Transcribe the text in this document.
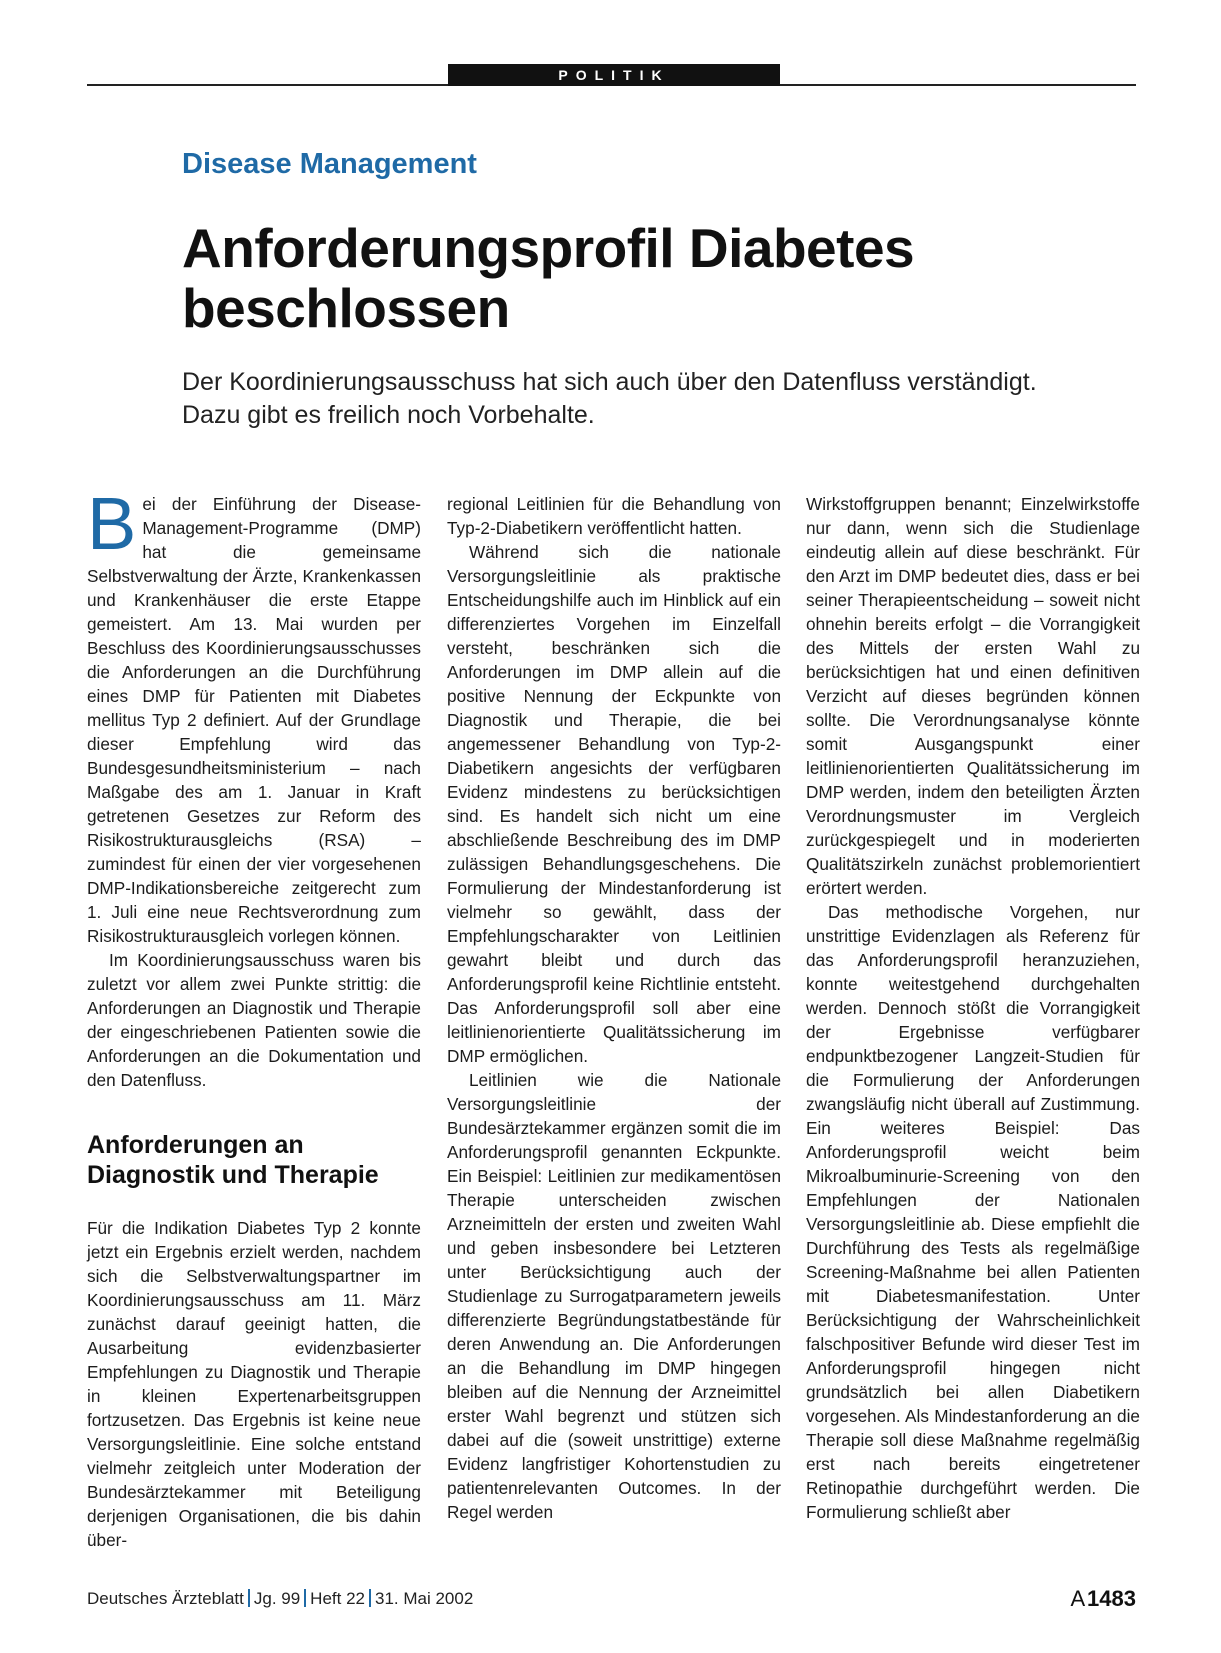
POLITIK
Disease Management
Anforderungsprofil Diabetes
beschlossen

Der Koordinierungsausschuss hat sich auch über den Datenfluss verständigt.
Dazu gibt es freilich noch Vorbehalte.

Bei der Einführung der Disease-Management-Programme (DMP) hat die gemeinsame Selbstverwaltung der Ärzte, Krankenkassen und Krankenhäuser die erste Etappe gemeistert. Am 13. Mai wurden per Beschluss des Koordinierungsausschusses die Anforderungen an die Durchführung eines DMP für Patienten mit Diabetes mellitus Typ 2 definiert. Auf der Grundlage dieser Empfehlung wird das Bundesgesundheitsministerium – nach Maßgabe des am 1. Januar in Kraft getretenen Gesetzes zur Reform des Risikostrukturausgleichs (RSA) – zumindest für einen der vier vorgesehenen DMP-Indikationsbereiche zeitgerecht zum 1. Juli eine neue Rechtsverordnung zum Risikostrukturausgleich vorlegen können.

Im Koordinierungsausschuss waren bis zuletzt vor allem zwei Punkte strittig: die Anforderungen an Diagnostik und Therapie der eingeschriebenen Patienten sowie die Anforderungen an die Dokumentation und den Datenfluss.

Anforderungen an Diagnostik und Therapie

Für die Indikation Diabetes Typ 2 konnte jetzt ein Ergebnis erzielt werden, nachdem sich die Selbstverwaltungspartner im Koordinierungsausschuss am 11. März zunächst darauf geeinigt hatten, die Ausarbeitung evidenzbasierter Empfehlungen zu Diagnostik und Therapie in kleinen Expertenarbeitsgruppen fortzusetzen. Das Ergebnis ist keine neue Versorgungsleitlinie. Eine solche entstand vielmehr zeitgleich unter Moderation der Bundesärztekammer mit Beteiligung derjenigen Organisationen, die bis dahin über-

regional Leitlinien für die Behandlung von Typ-2-Diabetikern veröffentlicht hatten.

Während sich die nationale Versorgungsleitlinie als praktische Entscheidungshilfe auch im Hinblick auf ein differenziertes Vorgehen im Einzelfall versteht, beschränken sich die Anforderungen im DMP allein auf die positive Nennung der Eckpunkte von Diagnostik und Therapie, die bei angemessener Behandlung von Typ-2-Diabetikern angesichts der verfügbaren Evidenz mindestens zu berücksichtigen sind. Es handelt sich nicht um eine abschließende Beschreibung des im DMP zulässigen Behandlungsgeschehens. Die Formulierung der Mindestanforderung ist vielmehr so gewählt, dass der Empfehlungscharakter von Leitlinien gewahrt bleibt und durch das Anforderungsprofil keine Richtlinie entsteht. Das Anforderungsprofil soll aber eine leitlinienorientierte Qualitätssicherung im DMP ermöglichen.

Leitlinien wie die Nationale Versorgungsleitlinie der Bundesärztekammer ergänzen somit die im Anforderungsprofil genannten Eckpunkte. Ein Beispiel: Leitlinien zur medikamentösen Therapie unterscheiden zwischen Arzneimitteln der ersten und zweiten Wahl und geben insbesondere bei Letzteren unter Berücksichtigung auch der Studienlage zu Surrogatparametern jeweils differenzierte Begründungstatbestände für deren Anwendung an. Die Anforderungen an die Behandlung im DMP hingegen bleiben auf die Nennung der Arzneimittel erster Wahl begrenzt und stützen sich dabei auf die (soweit unstrittige) externe Evidenz langfristiger Kohortenstudien zu patientenrelevanten Outcomes. In der Regel werden

Wirkstoffgruppen benannt; Einzelwirkstoffe nur dann, wenn sich die Studienlage eindeutig allein auf diese beschränkt. Für den Arzt im DMP bedeutet dies, dass er bei seiner Therapieentscheidung – soweit nicht ohnehin bereits erfolgt – die Vorrangigkeit des Mittels der ersten Wahl zu berücksichtigen hat und einen definitiven Verzicht auf dieses begründen können sollte. Die Verordnungsanalyse könnte somit Ausgangspunkt einer leitlinienorientierten Qualitätssicherung im DMP werden, indem den beteiligten Ärzten Verordnungsmuster im Vergleich zurückgespiegelt und in moderierten Qualitätszirkeln zunächst problemorientiert erörtert werden.

Das methodische Vorgehen, nur unstrittige Evidenzlagen als Referenz für das Anforderungsprofil heranzuziehen, konnte weitestgehend durchgehalten werden. Dennoch stößt die Vorrangigkeit der Ergebnisse verfügbarer endpunktbezogener Langzeit-Studien für die Formulierung der Anforderungen zwangsläufig nicht überall auf Zustimmung. Ein weiteres Beispiel: Das Anforderungsprofil weicht beim Mikroalbuminurie-Screening von den Empfehlungen der Nationalen Versorgungsleitlinie ab. Diese empfiehlt die Durchführung des Tests als regelmäßige Screening-Maßnahme bei allen Patienten mit Diabetesmanifestation. Unter Berücksichtigung der Wahrscheinlichkeit falschpositiver Befunde wird dieser Test im Anforderungsprofil hingegen nicht grundsätzlich bei allen Diabetikern vorgesehen. Als Mindestanforderung an die Therapie soll diese Maßnahme regelmäßig erst nach bereits eingetretener Retinopathie durchgeführt werden. Die Formulierung schließt aber

Deutsches Ärzteblatt Jg. 99 Heft 22 31. Mai 2002	A 1483
